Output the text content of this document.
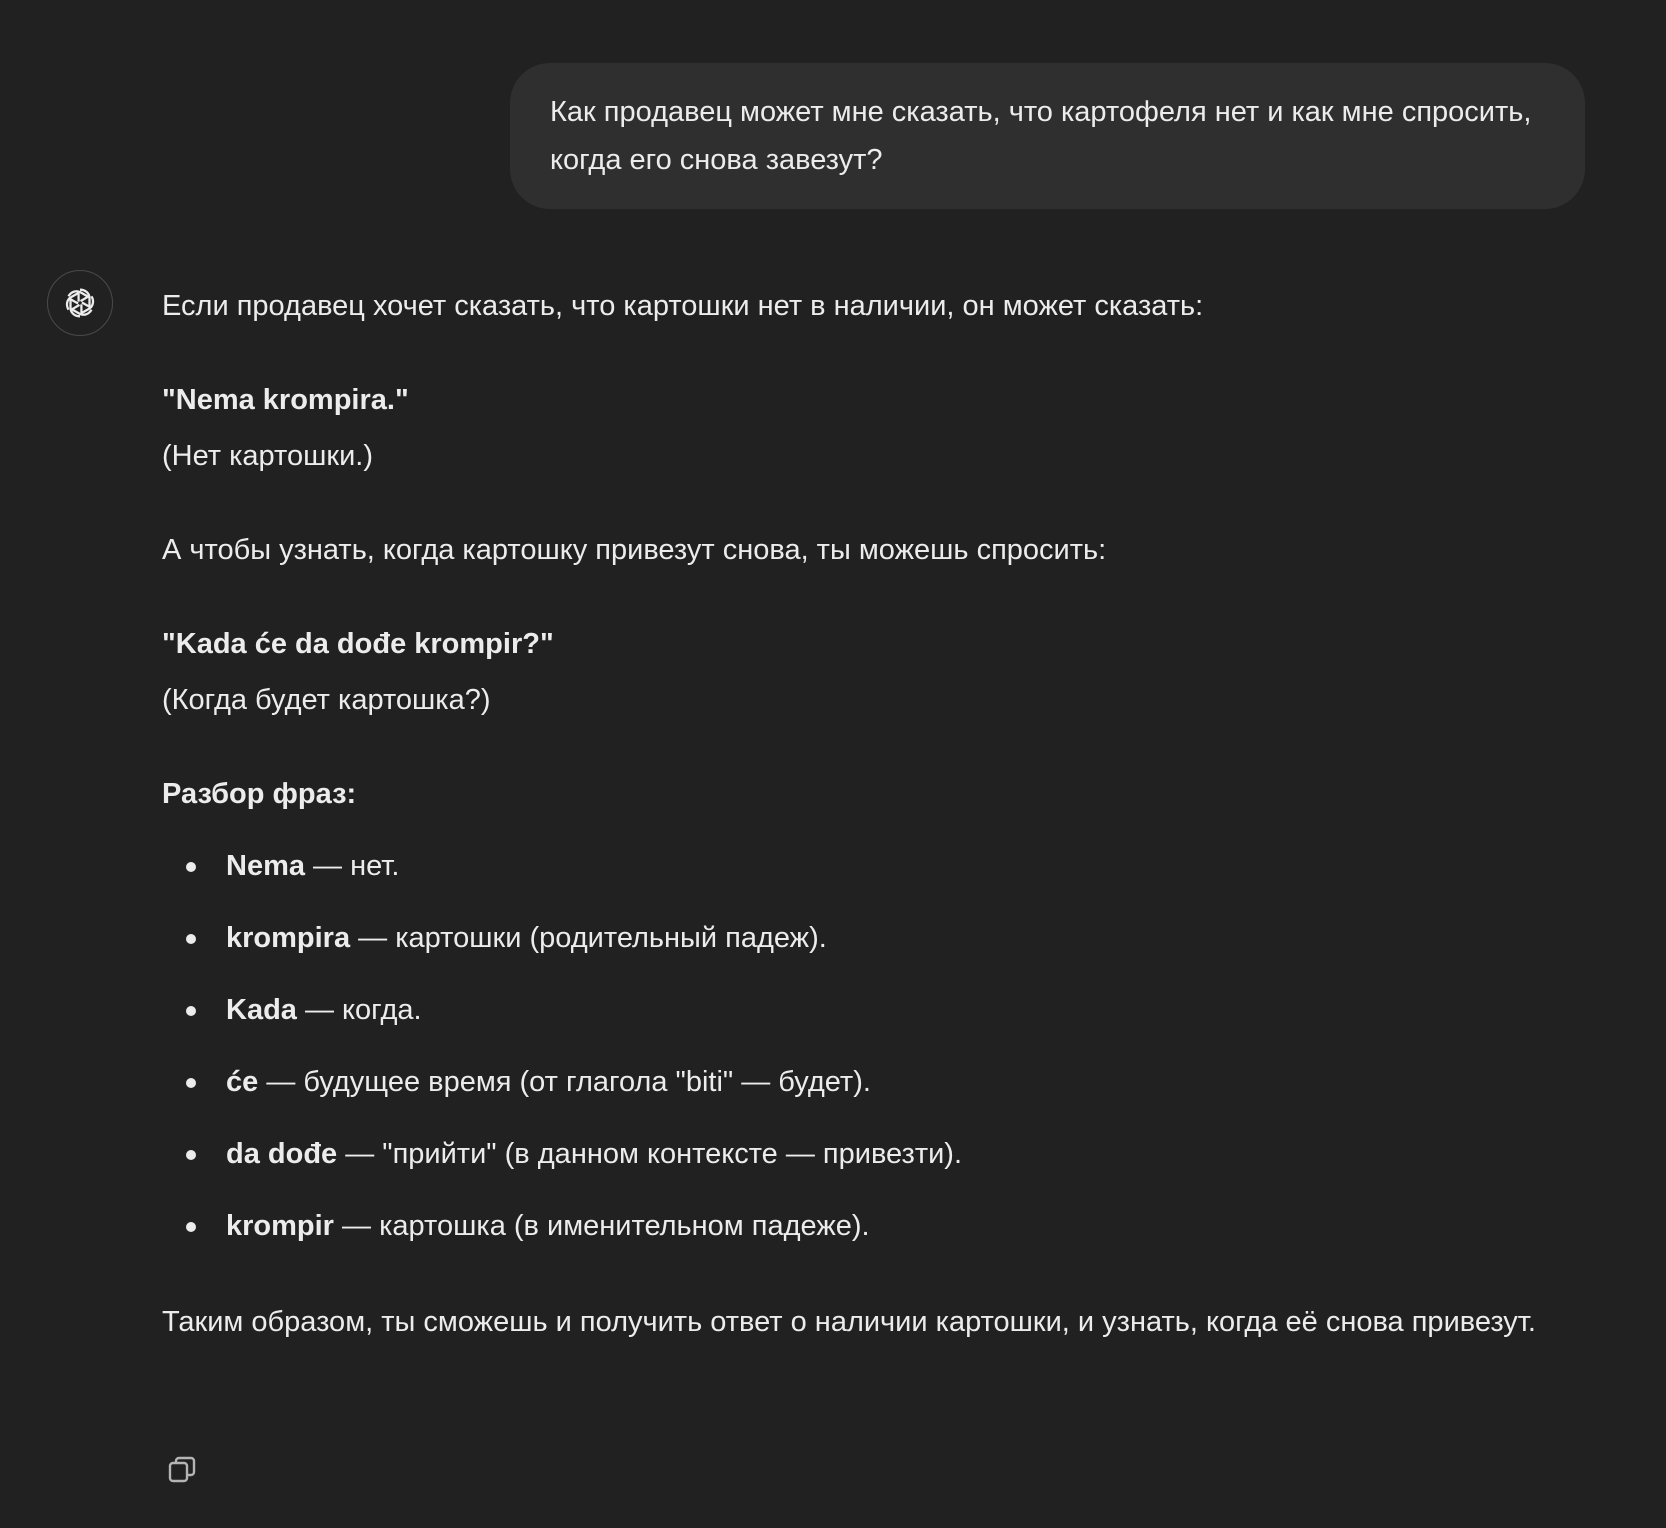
Как продавец может мне сказать, что картофеля нет и как мне спросить, когда его снова завезут?
Если продавец хочет сказать, что картошки нет в наличии, он может сказать:
"Nema krompira."
(Нет картошки.)
А чтобы узнать, когда картошку привезут снова, ты можешь спросить:
"Kada će da dođe krompir?"
(Когда будет картошка?)
Разбор фраз:
Nema — нет.
krompira — картошки (родительный падеж).
Kada — когда.
će — будущее время (от глагола "biti" — будет).
da dođe — "прийти" (в данном контексте — привезти).
krompir — картошка (в именительном падеже).
Таким образом, ты сможешь и получить ответ о наличии картошки, и узнать, когда её снова привезут.
